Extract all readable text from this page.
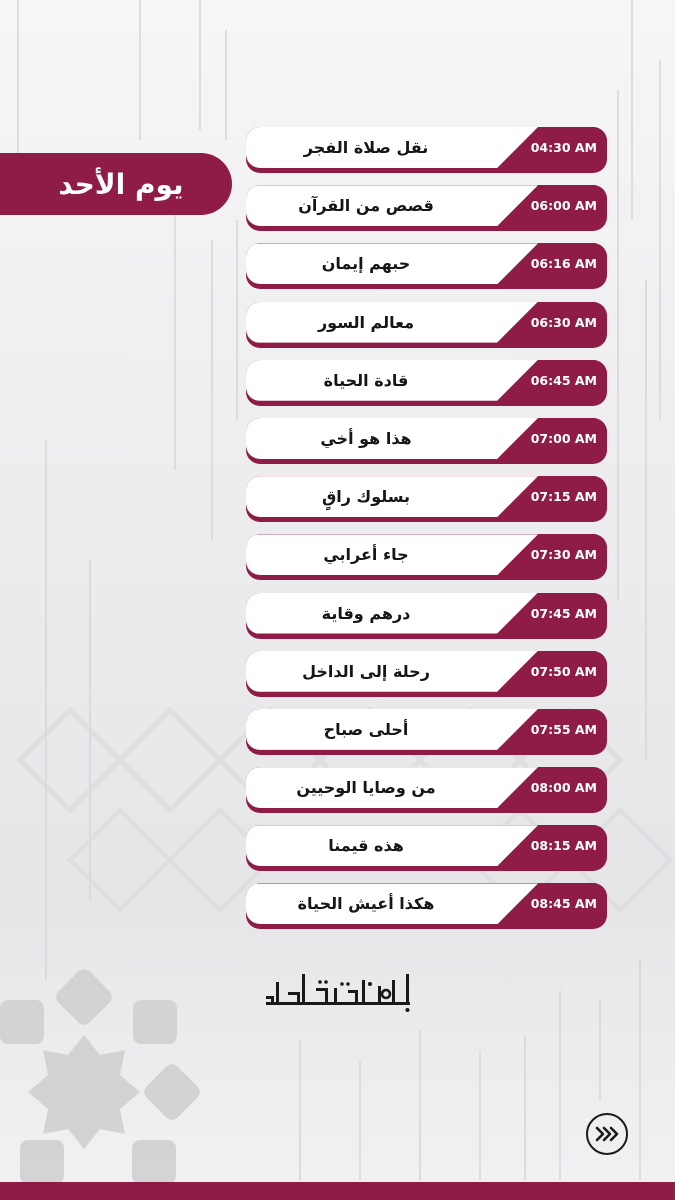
يوم الأحد
نقل صلاة الفجر	04:30 AM
قصص من القرآن	06:00 AM
حبهم إيمان	06:16 AM
معالم السور	06:30 AM
قادة الحياة	06:45 AM
هذا هو أخي	07:00 AM
بسلوك راقٍ	07:15 AM
جاء أعرابي	07:30 AM
درهم وقاية	07:45 AM
رحلة إلى الداخل	07:50 AM
أحلى صباح	07:55 AM
من وصايا الوحيين	08:00 AM
هذه قيمنا	08:15 AM
هكذا أعيش الحياة	08:45 AM
